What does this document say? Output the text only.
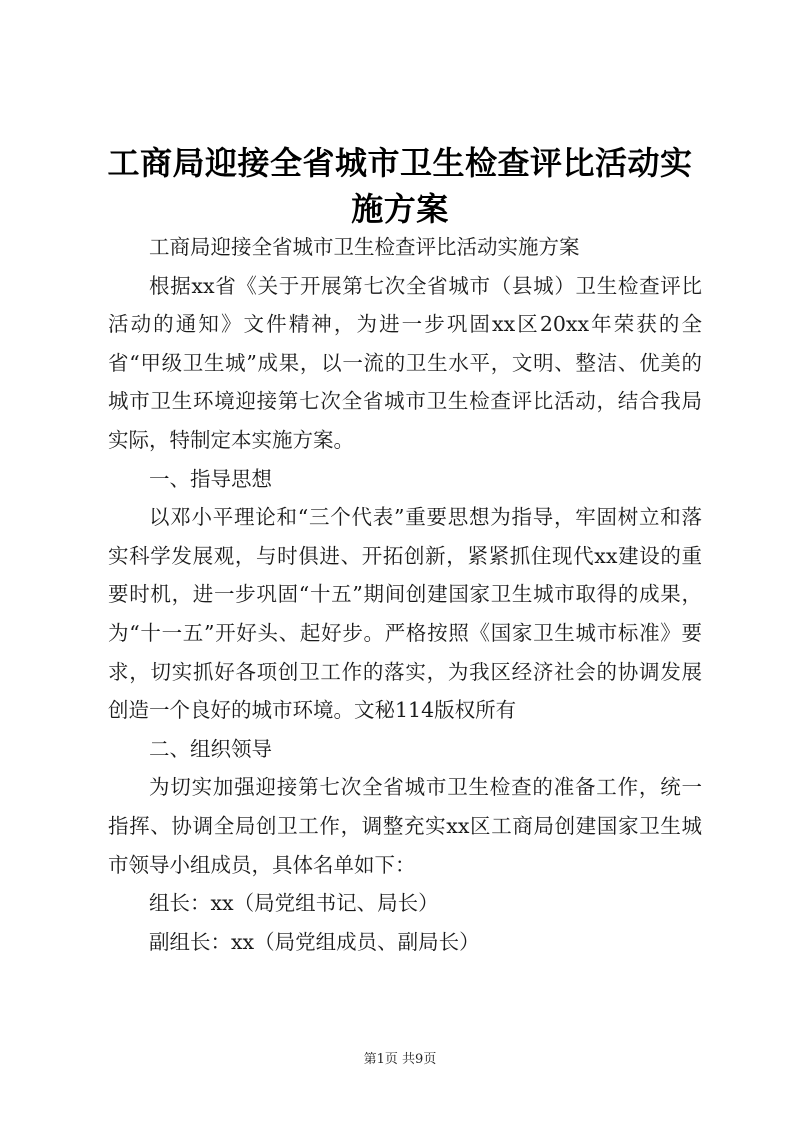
工商局迎接全省城市卫生检查评比活动实施方案

工商局迎接全省城市卫生检查评比活动实施方案

根据xx省《关于开展第七次全省城市（县城）卫生检查评比活动的通知》文件精神，为进一步巩固xx区20xx年荣获的全省“甲级卫生城”成果，以一流的卫生水平，文明、整洁、优美的城市卫生环境迎接第七次全省城市卫生检查评比活动，结合我局实际，特制定本实施方案。

一、指导思想

以邓小平理论和“三个代表”重要思想为指导，牢固树立和落实科学发展观，与时俱进、开拓创新，紧紧抓住现代xx建设的重要时机，进一步巩固“十五”期间创建国家卫生城市取得的成果，为“十一五”开好头、起好步。严格按照《国家卫生城市标准》要求，切实抓好各项创卫工作的落实，为我区经济社会的协调发展创造一个良好的城市环境。文秘114版权所有

二、组织领导

为切实加强迎接第七次全省城市卫生检查的准备工作，统一指挥、协调全局创卫工作，调整充实xx区工商局创建国家卫生城市领导小组成员，具体名单如下：

组长：xx（局党组书记、局长）

副组长：xx（局党组成员、副局长）

第1页 共9页
